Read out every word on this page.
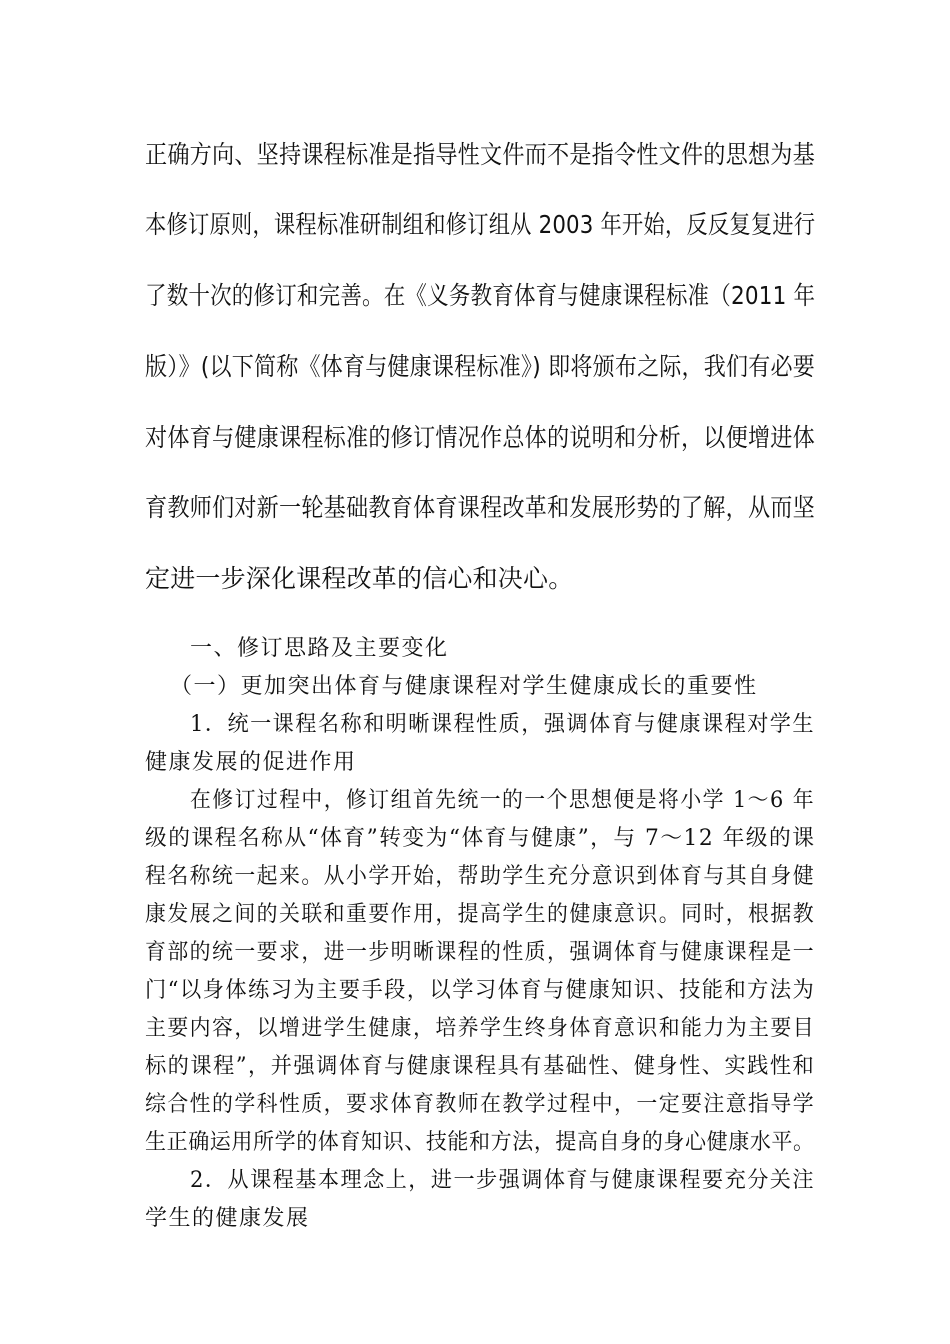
正确方向、坚持课程标准是指导性文件而不是指令性文件的思想为基
本修订原则，课程标准研制组和修订组从 2003 年开始，反反复复进行
了数十次的修订和完善。在《义务教育体育与健康课程标准（2011 年
版）》(以下简称《体育与健康课程标准》) 即将颁布之际，我们有必要
对体育与健康课程标准的修订情况作总体的说明和分析，以便增进体
育教师们对新一轮基础教育体育课程改革和发展形势的了解，从而坚
定进一步深化课程改革的信心和决心。
一、修订思路及主要变化
（一）更加突出体育与健康课程对学生健康成长的重要性
1．统一课程名称和明晰课程性质，强调体育与健康课程对学生
健康发展的促进作用
在修订过程中，修订组首先统一的一个思想便是将小学 1～6 年
级的课程名称从“体育”转变为“体育与健康”，与 7～12 年级的课
程名称统一起来。从小学开始，帮助学生充分意识到体育与其自身健
康发展之间的关联和重要作用，提高学生的健康意识。同时，根据教
育部的统一要求，进一步明晰课程的性质，强调体育与健康课程是一
门“以身体练习为主要手段，以学习体育与健康知识、技能和方法为
主要内容，以增进学生健康，培养学生终身体育意识和能力为主要目
标的课程”，并强调体育与健康课程具有基础性、健身性、实践性和
综合性的学科性质，要求体育教师在教学过程中，一定要注意指导学
生正确运用所学的体育知识、技能和方法，提高自身的身心健康水平。
2．从课程基本理念上，进一步强调体育与健康课程要充分关注
学生的健康发展
